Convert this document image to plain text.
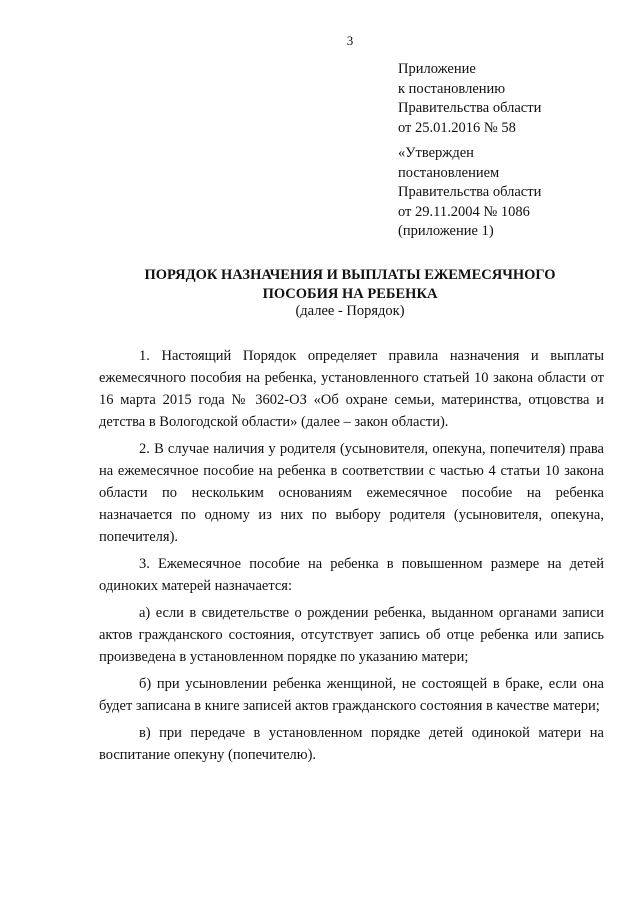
3
Приложение
к постановлению
Правительства области
от 25.01.2016 № 58
«Утвержден
постановлением
Правительства области
от 29.11.2004 № 1086
(приложение 1)
ПОРЯДОК НАЗНАЧЕНИЯ И ВЫПЛАТЫ ЕЖЕМЕСЯЧНОГО
ПОСОБИЯ НА РЕБЕНКА
(далее - Порядок)

1. Настоящий Порядок определяет правила назначения и выплаты ежемесячного пособия на ребенка, установленного статьей 10 закона области от 16 марта 2015 года № 3602-ОЗ «Об охране семьи, материнства, отцовства и детства в Вологодской области» (далее – закон области).

2. В случае наличия у родителя (усыновителя, опекуна, попечителя) права на ежемесячное пособие на ребенка в соответствии с частью 4 статьи 10 закона области по нескольким основаниям ежемесячное пособие на ребенка назначается по одному из них по выбору родителя (усыновителя, опекуна, попечителя).

3. Ежемесячное пособие на ребенка в повышенном размере на детей одиноких матерей назначается:

а) если в свидетельстве о рождении ребенка, выданном органами записи актов гражданского состояния, отсутствует запись об отце ребенка или запись произведена в установленном порядке по указанию матери;

б) при усыновлении ребенка женщиной, не состоящей в браке, если она будет записана в книге записей актов гражданского состояния в качестве матери;

в) при передаче в установленном порядке детей одинокой матери на воспитание опекуну (попечителю).
